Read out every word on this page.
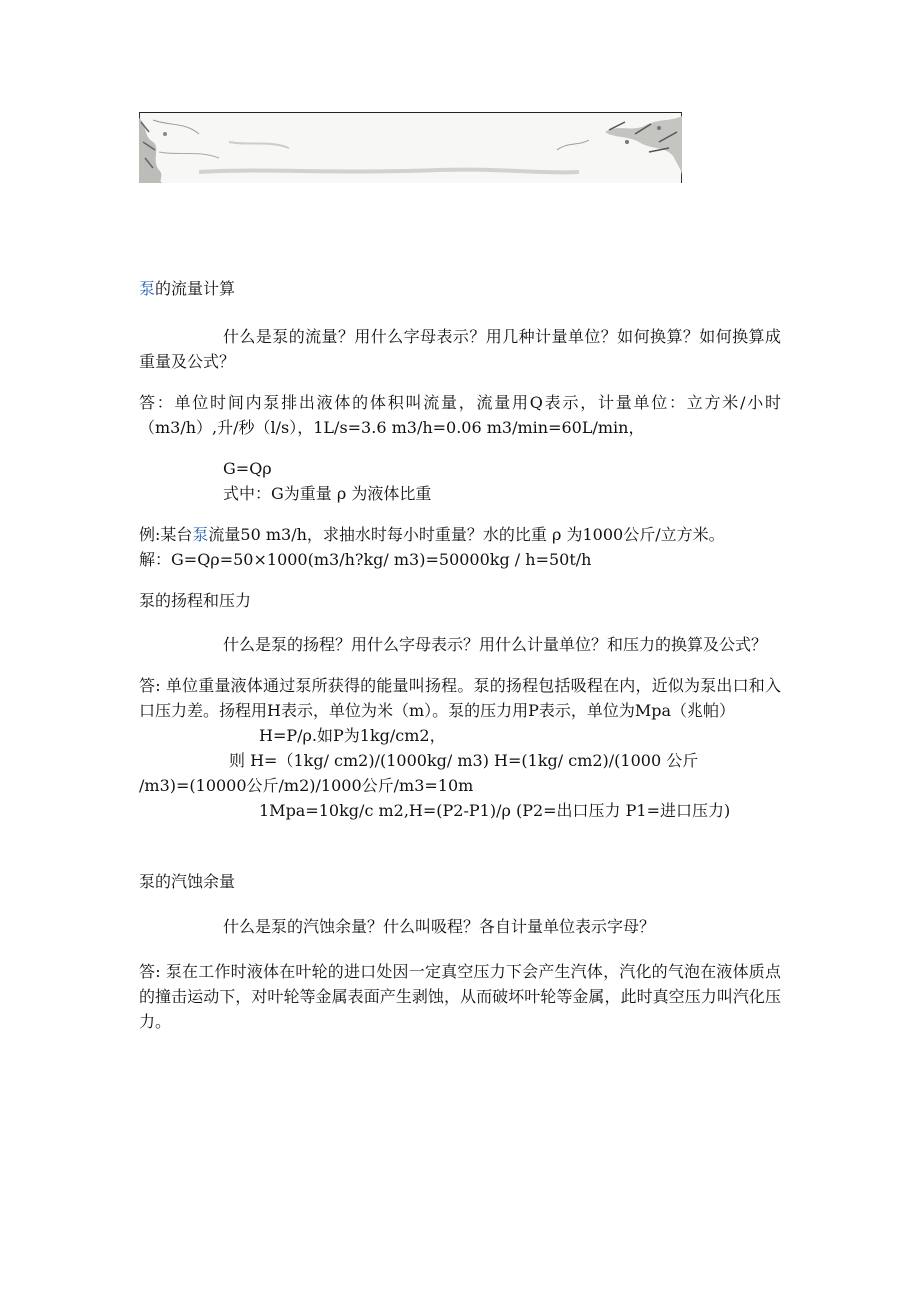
泵的流量计算

什么是泵的流量？用什么字母表示？用几种计量单位？如何换算？如何换算成重量及公式？

答：单位时间内泵排出液体的体积叫流量，流量用Q表示，计量单位：立方米/小时（m3/h）,升/秒（l/s），1L/s=3.6 m3/h=0.06 m3/min=60L/min，

G=Qρ

式中：G为重量 ρ 为液体比重

例:某台泵流量50 m3/h，求抽水时每小时重量？水的比重 ρ 为1000公斤/立方米。

解：G=Qρ=50×1000(m3/h?kg/ m3)=50000kg / h=50t/h

泵的扬程和压力

什么是泵的扬程？用什么字母表示？用什么计量单位？和压力的换算及公式？

答: 单位重量液体通过泵所获得的能量叫扬程。泵的扬程包括吸程在内，近似为泵出口和入口压力差。扬程用H表示，单位为米（m）。泵的压力用P表示，单位为Mpa（兆帕）

H=P/ρ.如P为1kg/cm2，

则 H=（1kg/ cm2)/(1000kg/ m3) H=(1kg/ cm2)/(1000 公斤

/m3)=(10000公斤/m2)/1000公斤/m3=10m

1Mpa=10kg/c m2,H=(P2-P1)/ρ (P2=出口压力 P1=进口压力)

泵的汽蚀余量

什么是泵的汽蚀余量？什么叫吸程？各自计量单位表示字母？

答: 泵在工作时液体在叶轮的进口处因一定真空压力下会产生汽体，汽化的气泡在液体质点的撞击运动下，对叶轮等金属表面产生剥蚀，从而破坏叶轮等金属，此时真空压力叫汽化压力。
